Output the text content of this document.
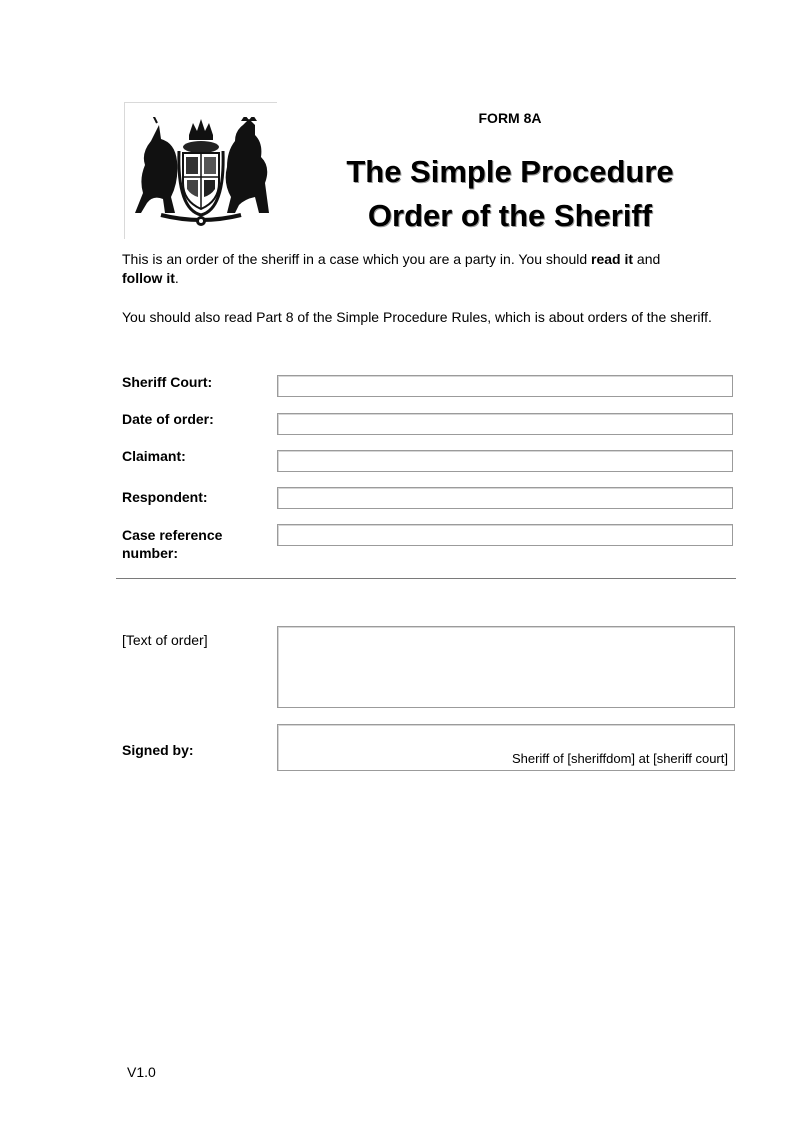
FORM 8A
The Simple Procedure
Order of the Sheriff
This is an order of the sheriff in a case which you are a party in. You should read it and
follow it.
You should also read Part 8 of the Simple Procedure Rules, which is about orders of the sheriff.
Sheriff Court:
Date of order:
Claimant:
Respondent:
Case reference number:
[Text of order]
Signed by:
Sheriff of [sheriffdom] at [sheriff court]
V1.0
